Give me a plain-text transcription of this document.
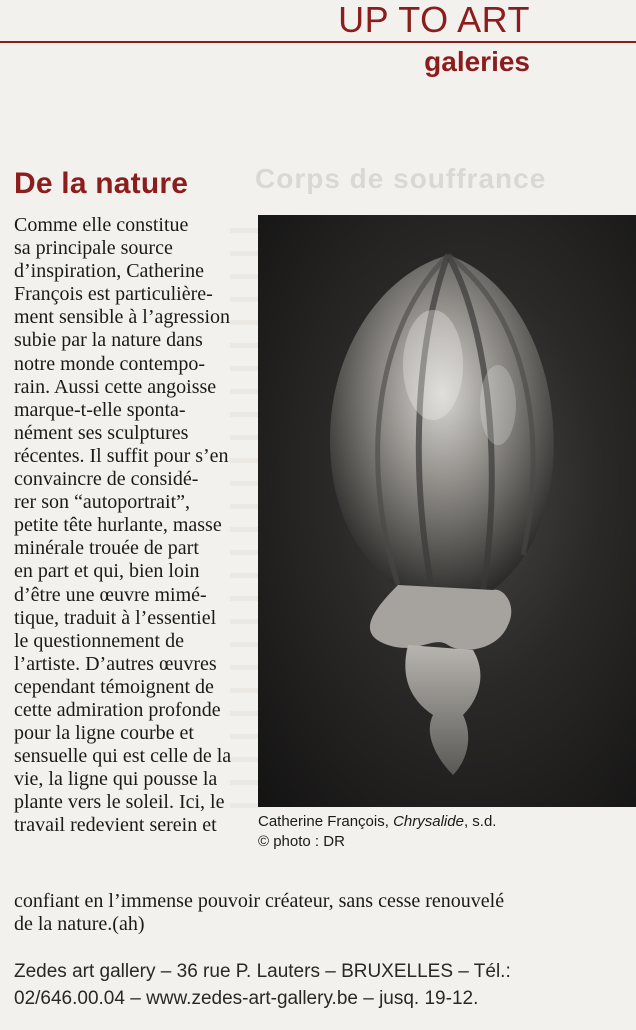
UP TO ART
galeries
Corps de souffrance
De la nature
Comme elle constitue
sa principale source
d’inspiration, Catherine
François est particulière-
ment sensible à l’agression
subie par la nature dans
notre monde contempo-
rain. Aussi cette angoisse
marque-t-elle sponta-
nément ses sculptures
récentes. Il suffit pour s’en
convaincre de considé-
rer son “autoportrait”,
petite tête hurlante, masse
minérale trouée de part
en part et qui, bien loin
d’être une œuvre mimé-
tique, traduit à l’essentiel
le questionnement de
l’artiste. D’autres œuvres
cependant témoignent de
cette admiration profonde
pour la ligne courbe et
sensuelle qui est celle de la
vie, la ligne qui pousse la
plante vers le soleil. Ici, le
travail redevient serein et	Catherine François, Chrysalide, s.d.
© photo : DR

confiant en l’immense pouvoir créateur, sans cesse renouvelé
de la nature.(ah)

Zedes art gallery – 36 rue P. Lauters – BRUXELLES – Tél.:
02/646.00.04 – www.zedes-art-gallery.be – jusq. 19-12.
